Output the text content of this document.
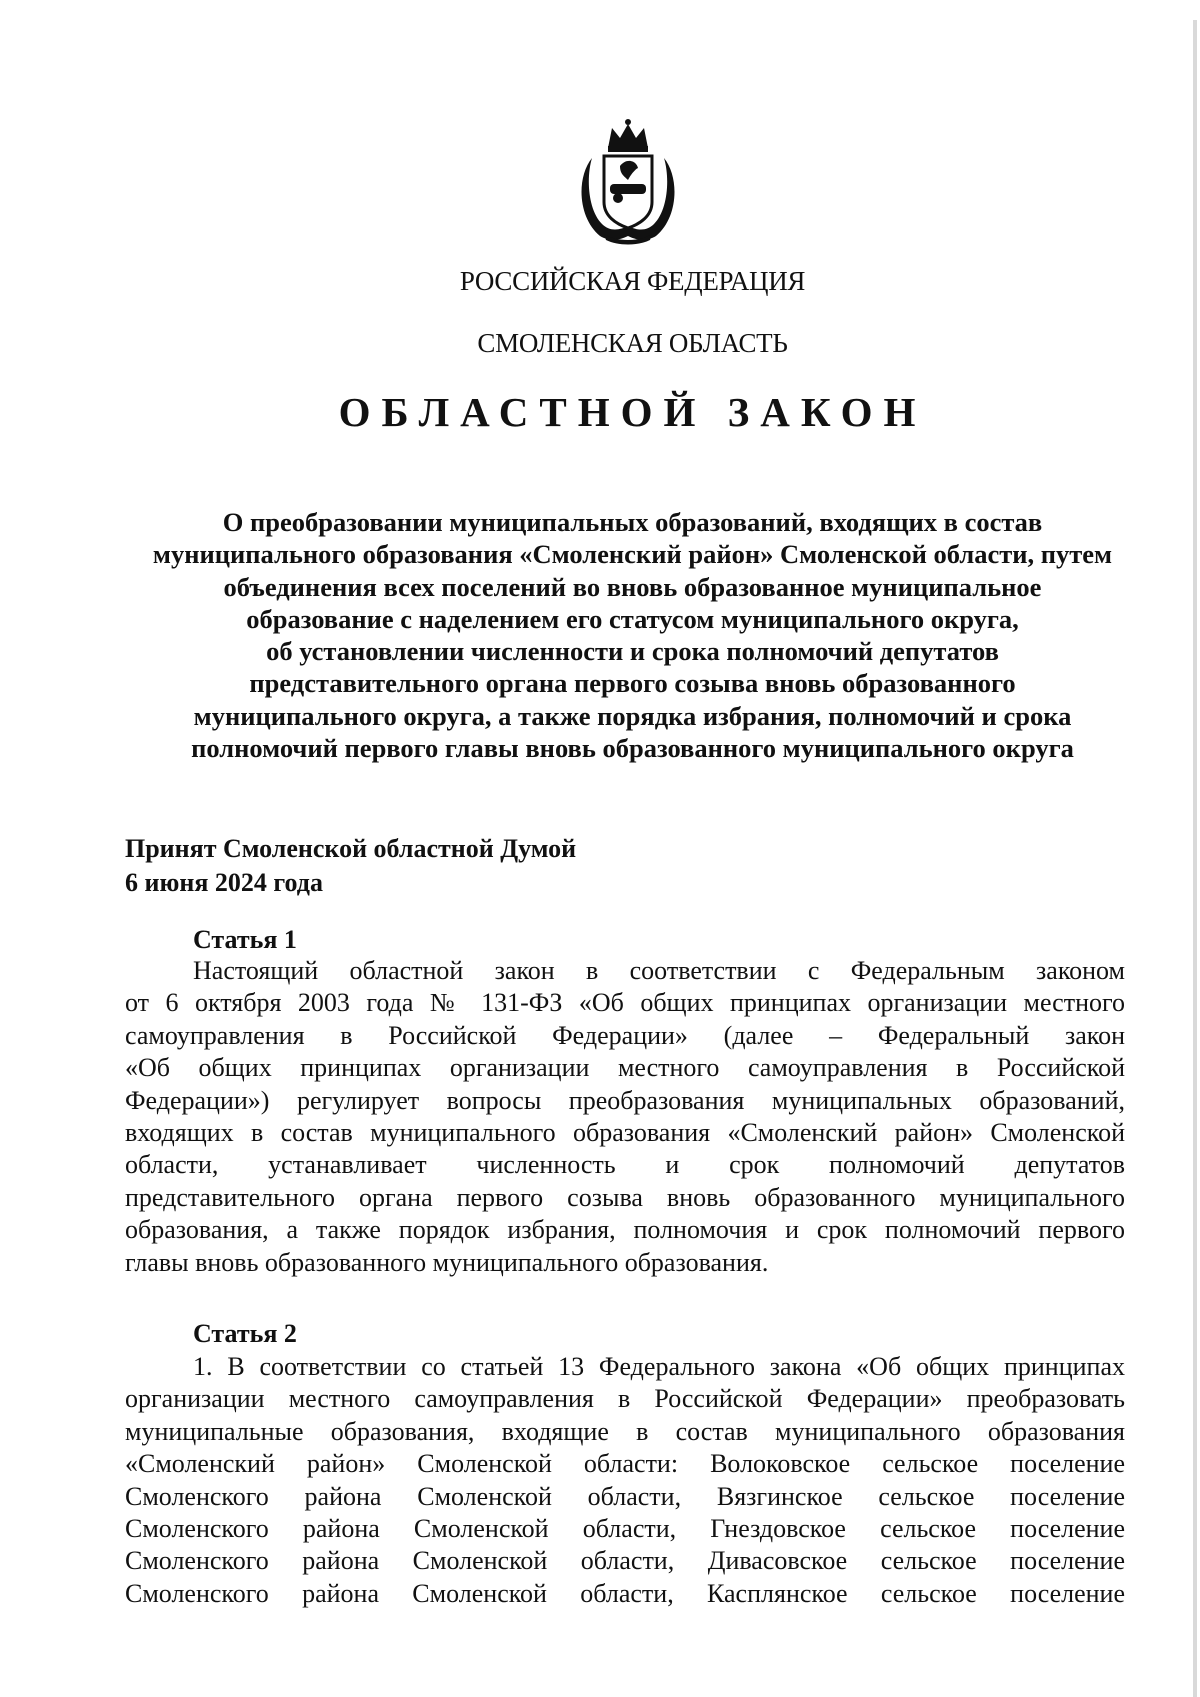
РОССИЙСКАЯ ФЕДЕРАЦИЯ
СМОЛЕНСКАЯ ОБЛАСТЬ
ОБЛАСТНОЙ ЗАКОН
О преобразовании муниципальных образований, входящих в состав
муниципального образования «Смоленский район» Смоленской области, путем
объединения всех поселений во вновь образованное муниципальное
образование с наделением его статусом муниципального округа,
об установлении численности и срока полномочий депутатов
представительного органа первого созыва вновь образованного
муниципального округа, а также порядка избрания, полномочий и срока
полномочий первого главы вновь образованного муниципального округа
Принят Смоленской областной Думой
6 июня 2024 года
Статья 1
Настоящий областной закон в соответствии с Федеральным законом
от 6 октября 2003 года № 131-ФЗ «Об общих принципах организации местного
самоуправления в Российской Федерации» (далее – Федеральный закон
«Об общих принципах организации местного самоуправления в Российской
Федерации») регулирует вопросы преобразования муниципальных образований,
входящих в состав муниципального образования «Смоленский район» Смоленской
области, устанавливает численность и срок полномочий депутатов
представительного органа первого созыва вновь образованного муниципального
образования, а также порядок избрания, полномочия и срок полномочий первого
главы вновь образованного муниципального образования.
Статья 2
1. В соответствии со статьей 13 Федерального закона «Об общих принципах
организации местного самоуправления в Российской Федерации» преобразовать
муниципальные образования, входящие в состав муниципального образования
«Смоленский район» Смоленской области: Волоковское сельское поселение
Смоленского района Смоленской области, Вязгинское сельское поселение
Смоленского района Смоленской области, Гнездовское сельское поселение
Смоленского района Смоленской области, Дивасовское сельское поселение
Смоленского района Смоленской области, Касплянское сельское поселение
